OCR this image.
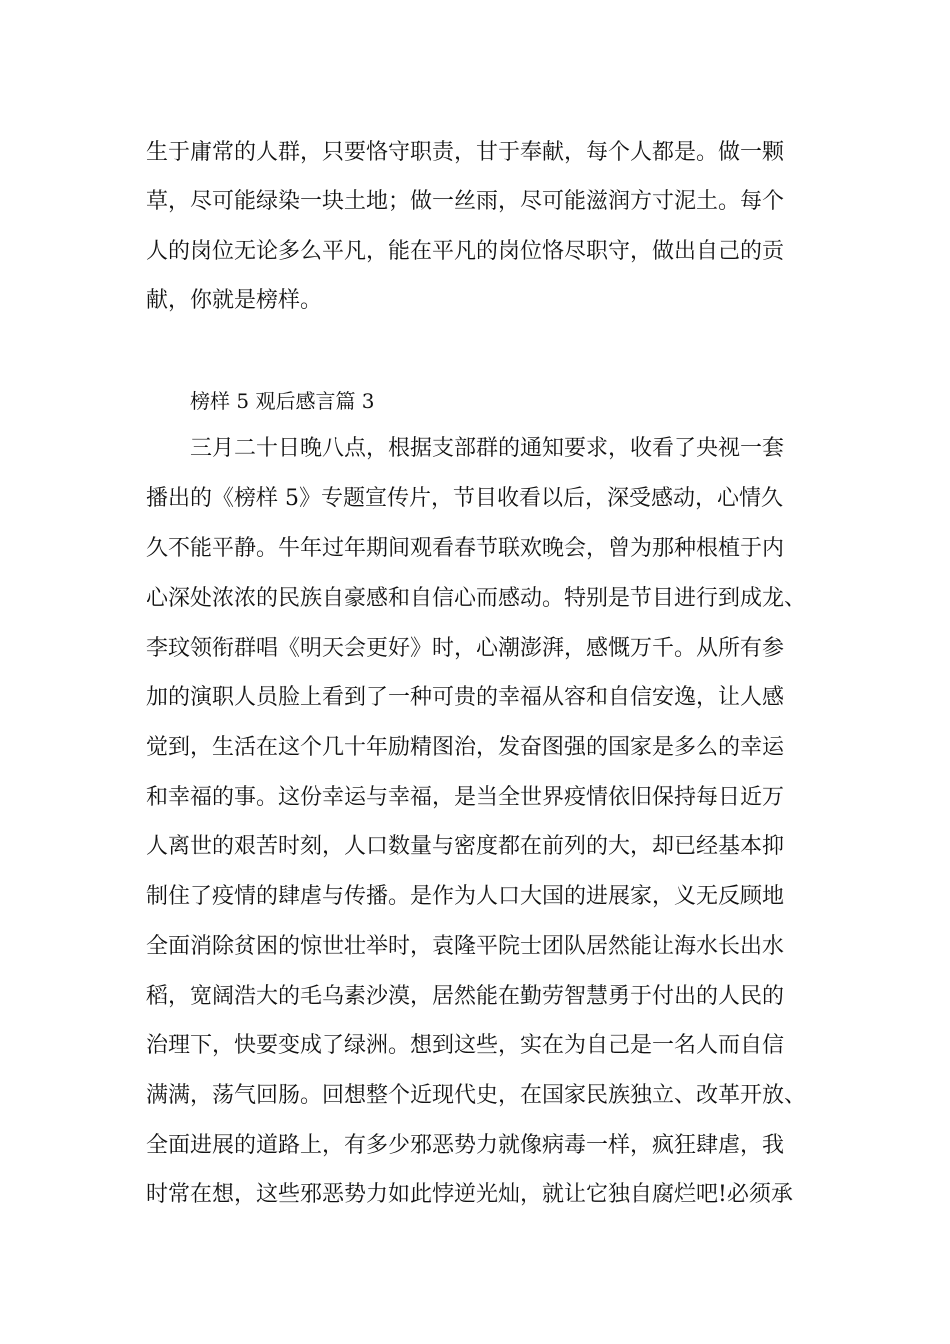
生于庸常的人群，只要恪守职责，甘于奉献，每个人都是。做一颗
草，尽可能绿染一块土地；做一丝雨，尽可能滋润方寸泥土。每个
人的岗位无论多么平凡，能在平凡的岗位恪尽职守，做出自己的贡
献，你就是榜样。
榜样 5 观后感言篇 3
三月二十日晚八点，根据支部群的通知要求，收看了央视一套
播出的《榜样 5》专题宣传片，节目收看以后，深受感动，心情久
久不能平静。牛年过年期间观看春节联欢晚会，曾为那种根植于内
心深处浓浓的民族自豪感和自信心而感动。特别是节目进行到成龙、
李玟领衔群唱《明天会更好》时，心潮澎湃，感慨万千。从所有参
加的演职人员脸上看到了一种可贵的幸福从容和自信安逸，让人感
觉到，生活在这个几十年励精图治，发奋图强的国家是多么的幸运
和幸福的事。这份幸运与幸福，是当全世界疫情依旧保持每日近万
人离世的艰苦时刻，人口数量与密度都在前列的大，却已经基本抑
制住了疫情的肆虐与传播。是作为人口大国的进展家，义无反顾地
全面消除贫困的惊世壮举时，袁隆平院士团队居然能让海水长出水
稻，宽阔浩大的毛乌素沙漠，居然能在勤劳智慧勇于付出的人民的
治理下，快要变成了绿洲。想到这些，实在为自己是一名人而自信
满满，荡气回肠。回想整个近现代史，在国家民族独立、改革开放、
全面进展的道路上，有多少邪恶势力就像病毒一样，疯狂肆虐，我
时常在想，这些邪恶势力如此悖逆光灿，就让它独自腐烂吧!必须承
